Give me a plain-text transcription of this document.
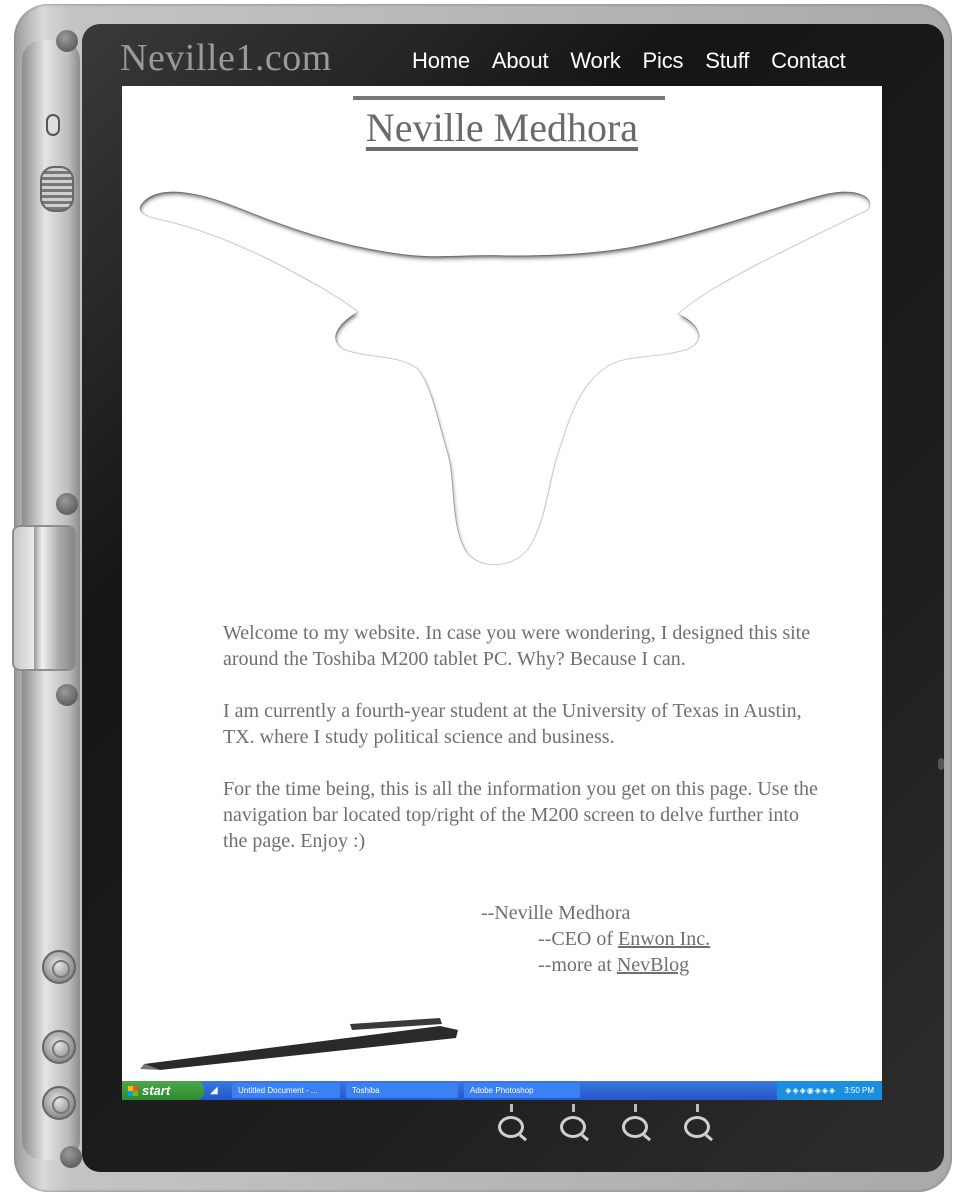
Neville1.com	Home About Work Pics Stuff Contact
Neville Medhora

Welcome to my website. In case you were wondering, I designed this site around the Toshiba M200 tablet PC. Why? Because I can.

I am currently a fourth-year student at the University of Texas in Austin, TX. where I study political science and business.

For the time being, this is all the information you get on this page. Use the navigation bar located top/right of the M200 screen to delve further into the page. Enjoy :)

--Neville Medhora
--CEO of Enwon Inc.
--more at NevBlog
start	◢	Untitled Document - ...	Toshiba	Adobe Photoshop	◈◈◈◉◈◈◈ 3:50 PM
